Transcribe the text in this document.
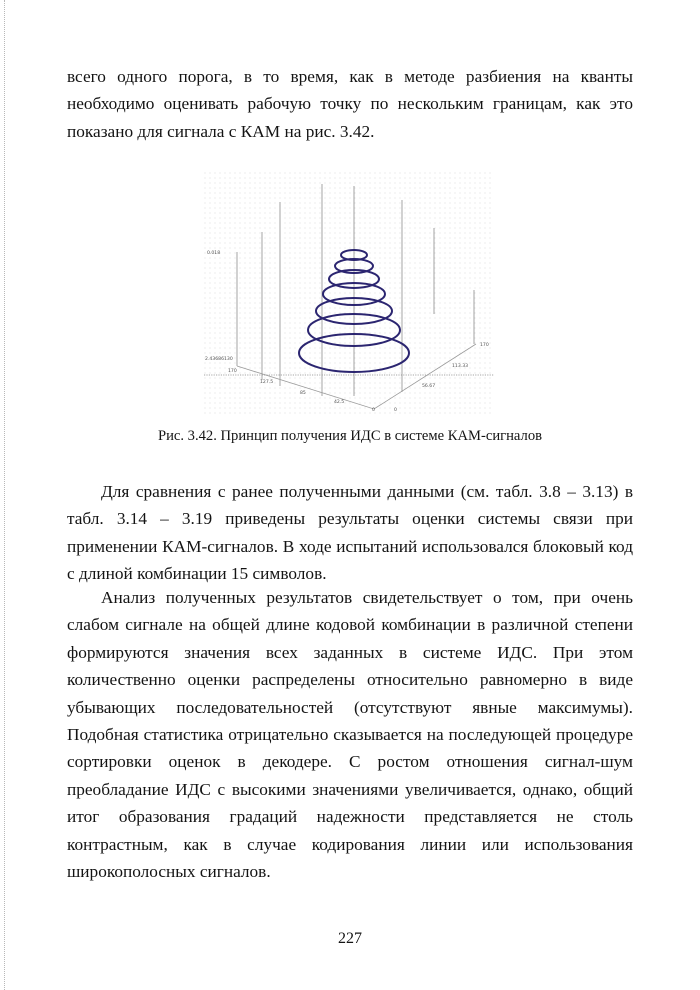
всего одного порога, в то время, как в методе разбиения на кванты необходимо оценивать рабочую точку по нескольким границам, как это показано для сигнала с КАМ на рис. 3.42.

0.018
2.43686130
170
127.5
85
42.5
0	0
56.67
113.33
170
Рис. 3.42. Принцип получения ИДС в системе КАМ-сигналов

Для сравнения с ранее полученными данными (см. табл. 3.8 – 3.13) в табл. 3.14 – 3.19 приведены результаты оценки системы связи при применении КАМ-сигналов. В ходе испытаний использовался блоковый код с длиной комбинации 15 символов.

Анализ полученных результатов свидетельствует о том, при очень слабом сигнале на общей длине кодовой комбинации в различной степени формируются значения всех заданных в системе ИДС. При этом количественно оценки распределены относительно равномерно в виде убывающих последовательностей (отсутствуют явные максимумы). Подобная статистика отрицательно сказывается на последующей процедуре сортировки оценок в декодере. С ростом отношения сигнал-шум преобладание ИДС с высокими значениями увеличивается, однако, общий итог образования градаций надежности представляется не столь контрастным, как в случае кодирования линии или использования широкополосных сигналов.

227
